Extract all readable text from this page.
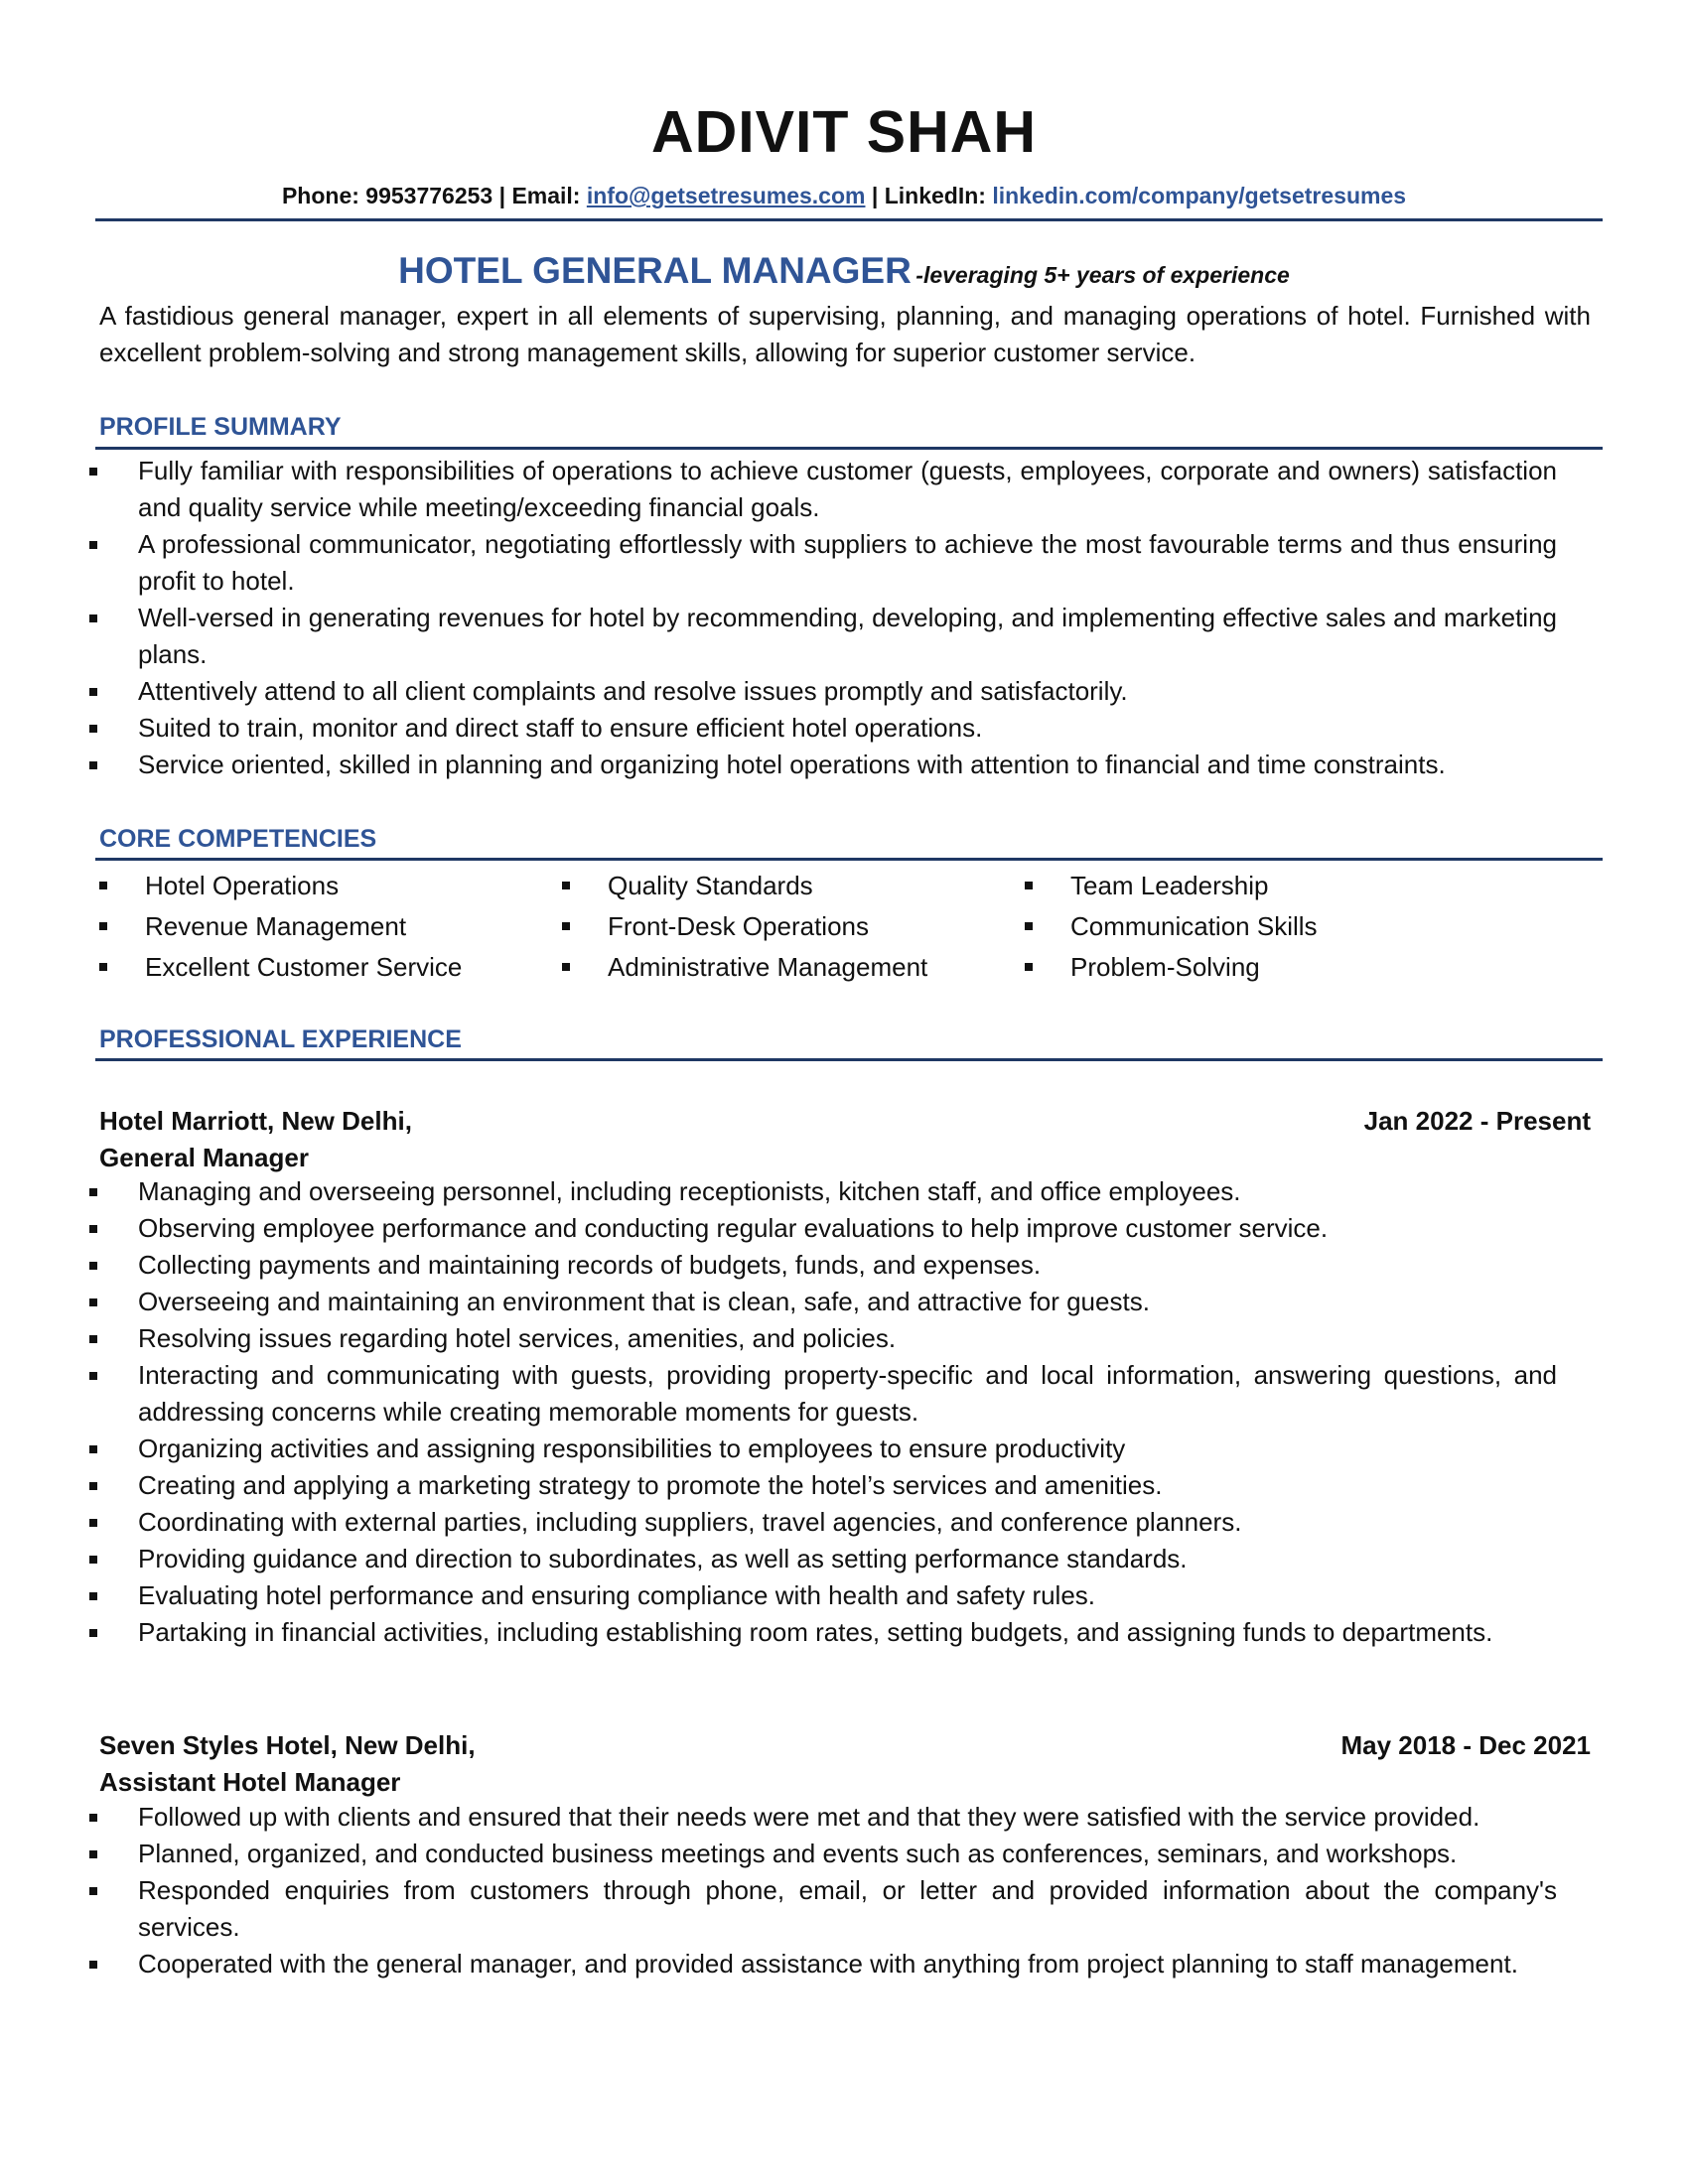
ADIVIT SHAH
Phone: 9953776253 | Email: info@getsetresumes.com | LinkedIn: linkedin.com/company/getsetresumes
HOTEL GENERAL MANAGER -leveraging 5+ years of experience
A fastidious general manager, expert in all elements of supervising, planning, and managing operations of hotel. Furnished with excellent problem-solving and strong management skills, allowing for superior customer service.
PROFILE SUMMARY
Fully familiar with responsibilities of operations to achieve customer (guests, employees, corporate and owners) satisfaction and quality service while meeting/exceeding financial goals.
A professional communicator, negotiating effortlessly with suppliers to achieve the most favourable terms and thus ensuring profit to hotel.
Well-versed in generating revenues for hotel by recommending, developing, and implementing effective sales and marketing plans.
Attentively attend to all client complaints and resolve issues promptly and satisfactorily.
Suited to train, monitor and direct staff to ensure efficient hotel operations.
Service oriented, skilled in planning and organizing hotel operations with attention to financial and time constraints.
CORE COMPETENCIES
Hotel Operations
Revenue Management
Excellent Customer Service
Quality Standards
Front-Desk Operations
Administrative Management
Team Leadership
Communication Skills
Problem-Solving
PROFESSIONAL EXPERIENCE
Hotel Marriott, New Delhi,	Jan 2022 - Present
General Manager
Managing and overseeing personnel, including receptionists, kitchen staff, and office employees.
Observing employee performance and conducting regular evaluations to help improve customer service.
Collecting payments and maintaining records of budgets, funds, and expenses.
Overseeing and maintaining an environment that is clean, safe, and attractive for guests.
Resolving issues regarding hotel services, amenities, and policies.
Interacting and communicating with guests, providing property-specific and local information, answering questions, and addressing concerns while creating memorable moments for guests.
Organizing activities and assigning responsibilities to employees to ensure productivity
Creating and applying a marketing strategy to promote the hotel’s services and amenities.
Coordinating with external parties, including suppliers, travel agencies, and conference planners.
Providing guidance and direction to subordinates, as well as setting performance standards.
Evaluating hotel performance and ensuring compliance with health and safety rules.
Partaking in financial activities, including establishing room rates, setting budgets, and assigning funds to departments.
Seven Styles Hotel, New Delhi,	May 2018 - Dec 2021
Assistant Hotel Manager
Followed up with clients and ensured that their needs were met and that they were satisfied with the service provided.
Planned, organized, and conducted business meetings and events such as conferences, seminars, and workshops.
Responded enquiries from customers through phone, email, or letter and provided information about the company's services.
Cooperated with the general manager, and provided assistance with anything from project planning to staff management.
